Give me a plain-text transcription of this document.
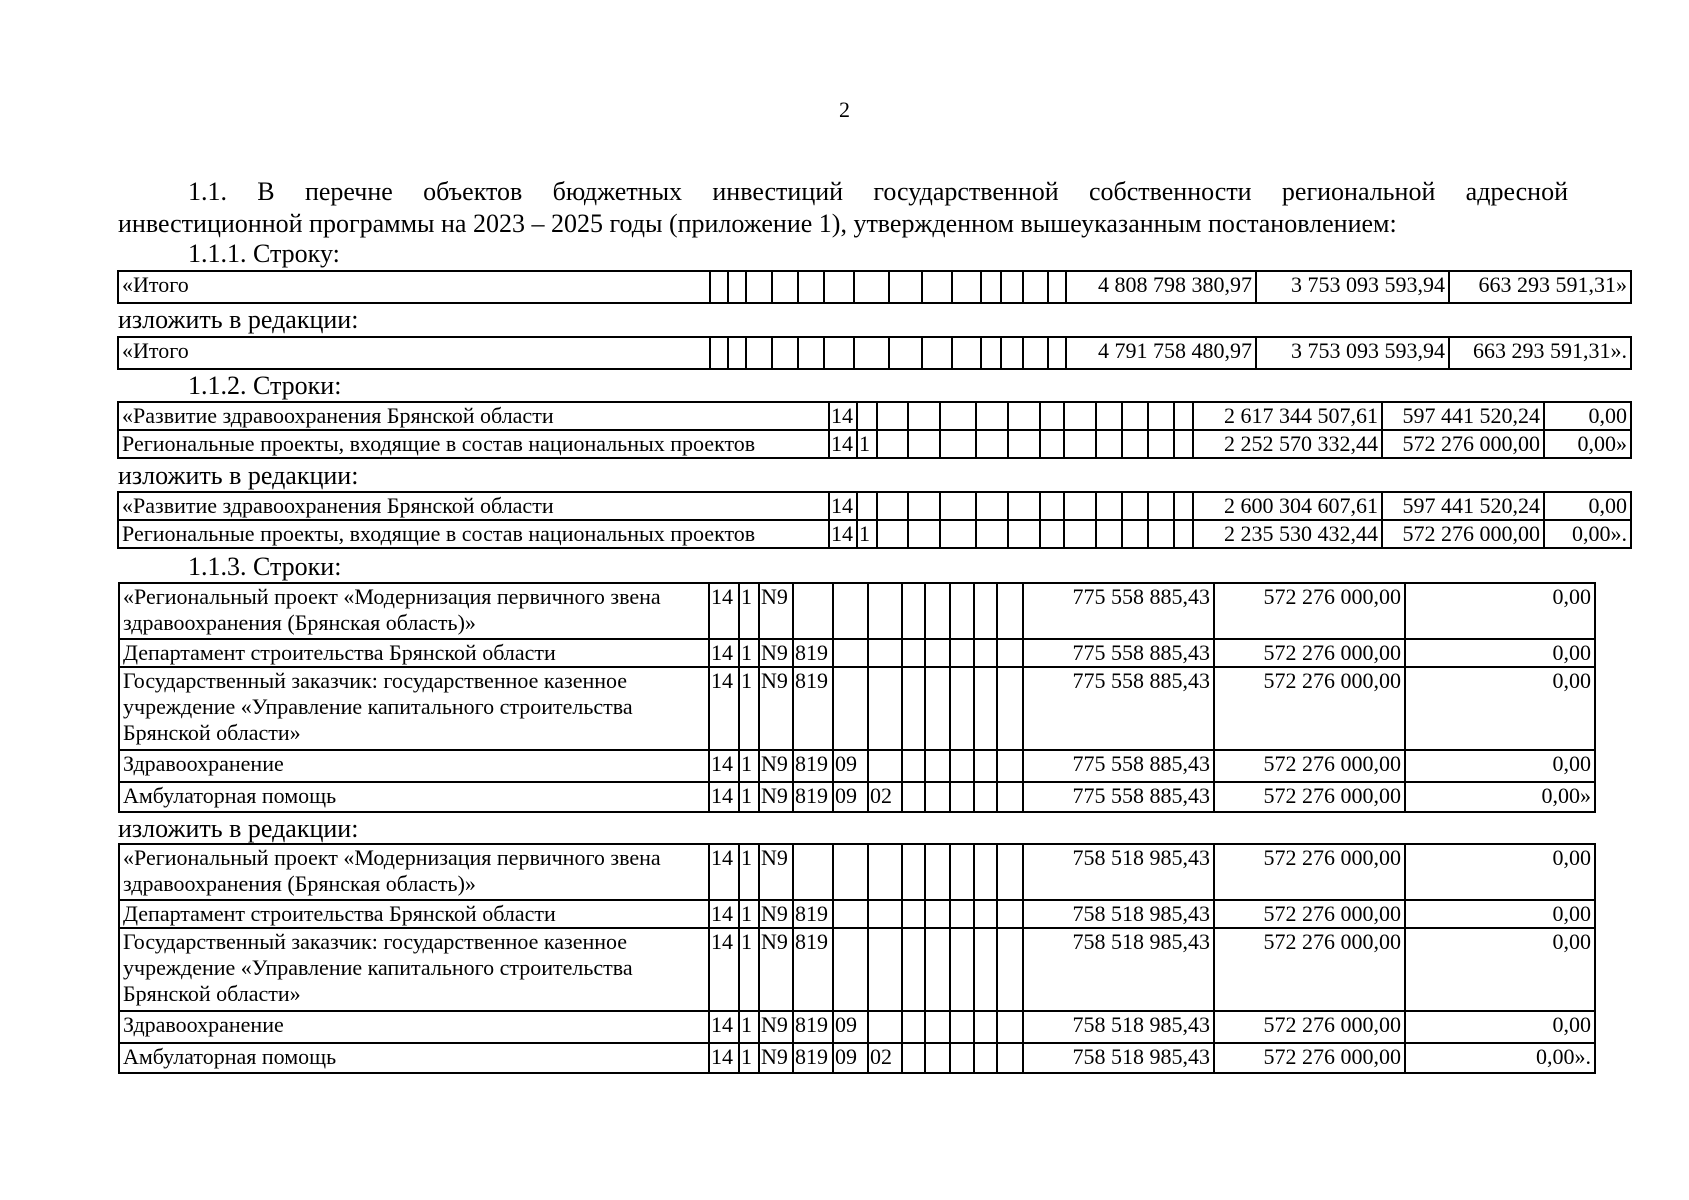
2

1.1. В перечне объектов бюджетных инвестиций государственной собственности региональной адресной

инвестиционной программы на 2023 – 2025 годы (приложение 1), утвержденном вышеуказанным постановлением:

1.1.1. Строку:
«Итого															4 808 798 380,97	3 753 093 593,94	663 293 591,31»
изложить в редакции:
«Итого															4 791 758 480,97	3 753 093 593,94	663 293 591,31».
1.1.2. Строки:
«Развитие здравоохранения Брянской области	14													2 617 344 507,61	597 441 520,24	0,00
Региональные проекты, входящие в состав национальных проектов	14	1												2 252 570 332,44	572 276 000,00	0,00»
изложить в редакции:
«Развитие здравоохранения Брянской области	14													2 600 304 607,61	597 441 520,24	0,00
Региональные проекты, входящие в состав национальных проектов	14	1												2 235 530 432,44	572 276 000,00	0,00».
1.1.3. Строки:
«Региональный проект «Модернизация первичного звена здравоохранения (Брянская область)»	14	1	N9									775 558 885,43	572 276 000,00	0,00
Департамент строительства Брянской области	14	1	N9	819								775 558 885,43	572 276 000,00	0,00
Государственный заказчик: государственное казенное учреждение «Управление капитального строительства Брянской области»	14	1	N9	819								775 558 885,43	572 276 000,00	0,00
Здравоохранение	14	1	N9	819	09							775 558 885,43	572 276 000,00	0,00
Амбулаторная помощь	14	1	N9	819	09	02						775 558 885,43	572 276 000,00	0,00»
изложить в редакции:
«Региональный проект «Модернизация первичного звена здравоохранения (Брянская область)»	14	1	N9									758 518 985,43	572 276 000,00	0,00
Департамент строительства Брянской области	14	1	N9	819								758 518 985,43	572 276 000,00	0,00
Государственный заказчик: государственное казенное учреждение «Управление капитального строительства Брянской области»	14	1	N9	819								758 518 985,43	572 276 000,00	0,00
Здравоохранение	14	1	N9	819	09							758 518 985,43	572 276 000,00	0,00
Амбулаторная помощь	14	1	N9	819	09	02						758 518 985,43	572 276 000,00	0,00».
